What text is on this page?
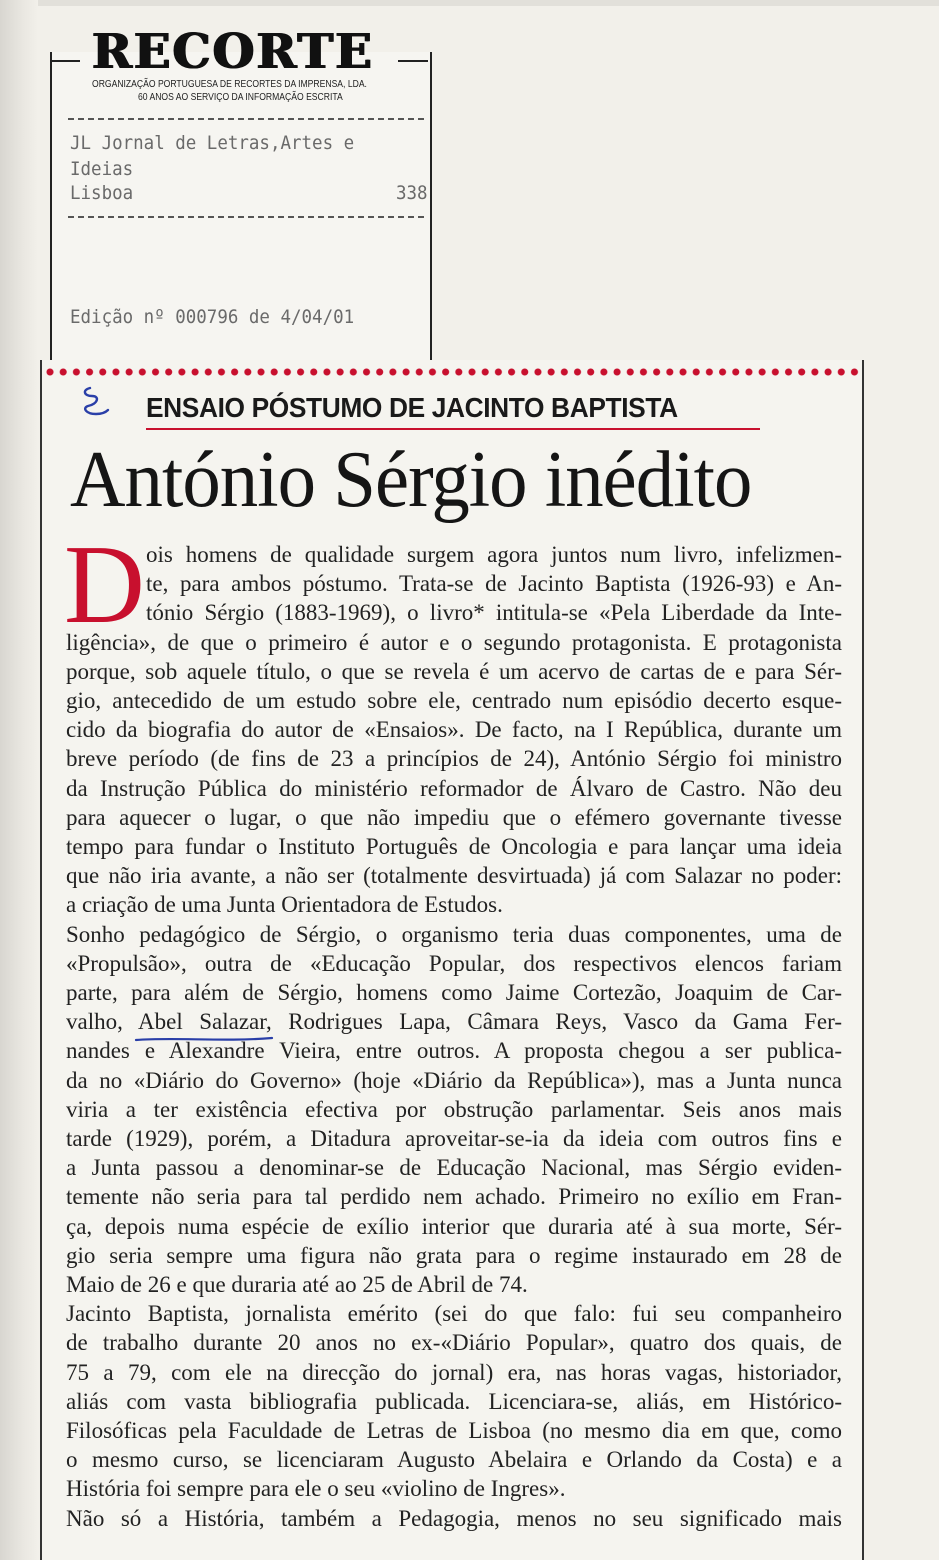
RECORTE
ORGANIZAÇÃO PORTUGUESA DE RECORTES DA IMPRENSA, LDA.
60 ANOS AO SERVIÇO DA INFORMAÇÃO ESCRITA
JL Jornal de Letras,Artes e
Ideias
Lisboa	338
Edição nº 000796 de 4/04/01
ENSAIO PÓSTUMO DE JACINTO BAPTISTA
António Sérgio inédito
D ois homens de qualidade surgem agora juntos num livro, infelizmen-
te, para ambos póstumo. Trata-se de Jacinto Baptista (1926-93) e An-
tónio Sérgio (1883-1969), o livro* intitula-se «Pela Liberdade da Inte-
ligência», de que o primeiro é autor e o segundo protagonista. E protagonista
porque, sob aquele título, o que se revela é um acervo de cartas de e para Sér-
gio, antecedido de um estudo sobre ele, centrado num episódio decerto esque-
cido da biografia do autor de «Ensaios». De facto, na I República, durante um
breve período (de fins de 23 a princípios de 24), António Sérgio foi ministro
da Instrução Pública do ministério reformador de Álvaro de Castro. Não deu
para aquecer o lugar, o que não impediu que o efémero governante tivesse
tempo para fundar o Instituto Português de Oncologia e para lançar uma ideia
que não iria avante, a não ser (totalmente desvirtuada) já com Salazar no poder:
a criação de uma Junta Orientadora de Estudos.
Sonho pedagógico de Sérgio, o organismo teria duas componentes, uma de
«Propulsão», outra de «Educação Popular, dos respectivos elencos fariam
parte, para além de Sérgio, homens como Jaime Cortezão, Joaquim de Car-
valho, Abel Salazar, Rodrigues Lapa, Câmara Reys, Vasco da Gama Fer-
nandes e Alexandre Vieira, entre outros. A proposta chegou a ser publica-
da no «Diário do Governo» (hoje «Diário da República»), mas a Junta nunca
viria a ter existência efectiva por obstrução parlamentar. Seis anos mais
tarde (1929), porém, a Ditadura aproveitar-se-ia da ideia com outros fins e
a Junta passou a denominar-se de Educação Nacional, mas Sérgio eviden-
temente não seria para tal perdido nem achado. Primeiro no exílio em Fran-
ça, depois numa espécie de exílio interior que duraria até à sua morte, Sér-
gio seria sempre uma figura não grata para o regime instaurado em 28 de
Maio de 26 e que duraria até ao 25 de Abril de 74.
Jacinto Baptista, jornalista emérito (sei do que falo: fui seu companheiro
de trabalho durante 20 anos no ex-«Diário Popular», quatro dos quais, de
75 a 79, com ele na direcção do jornal) era, nas horas vagas, historiador,
aliás com vasta bibliografia publicada. Licenciara-se, aliás, em Histórico-
Filosóficas pela Faculdade de Letras de Lisboa (no mesmo dia em que, como
o mesmo curso, se licenciaram Augusto Abelaira e Orlando da Costa) e a
História foi sempre para ele o seu «violino de Ingres».
Não só a História, também a Pedagogia, menos no seu significado mais
